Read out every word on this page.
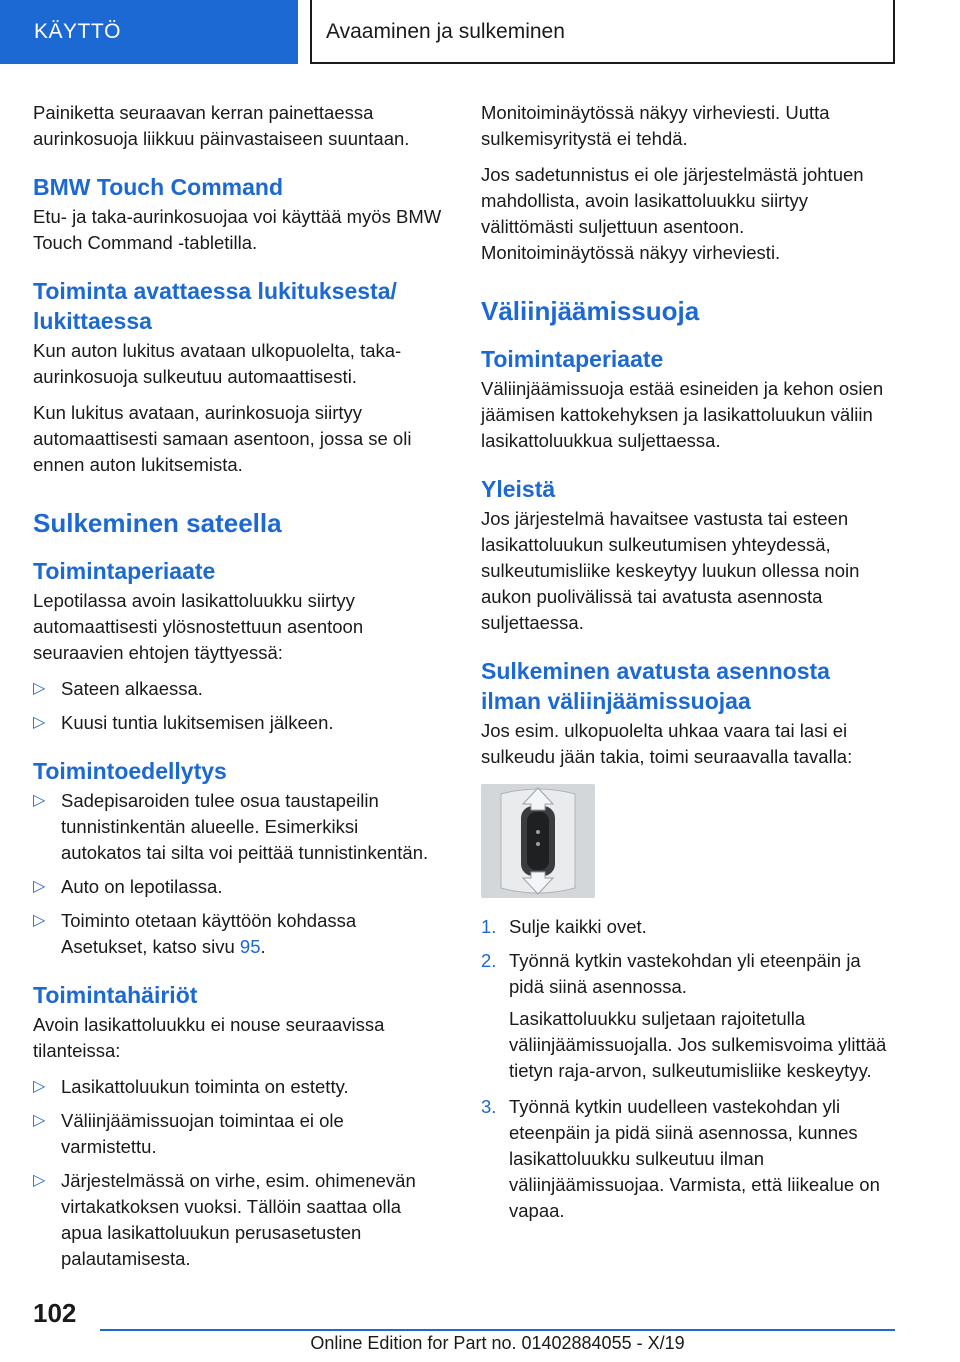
KÄYTTÖ	Avaaminen ja sulkeminen

Painiketta seuraavan kerran painettaessa aurinkosuoja liikkuu päinvastaiseen suuntaan.

BMW Touch Command

Etu- ja taka-aurinkosuojaa voi käyttää myös BMW Touch Command -tabletilla.

Toiminta avattaessa lukituksesta/ lukittaessa

Kun auton lukitus avataan ulkopuolelta, taka-aurinkosuoja sulkeutuu automaattisesti.

Kun lukitus avataan, aurinkosuoja siirtyy automaattisesti samaan asentoon, jossa se oli ennen auton lukitsemista.

Sulkeminen sateella
Toimintaperiaate

Lepotilassa avoin lasikattoluukku siirtyy automaattisesti ylösnostettuun asentoon seuraavien ehtojen täyttyessä:

▷ Sateen alkaessa.
▷ Kuusi tuntia lukitsemisen jälkeen.
Toimintoedellytys
▷ Sadepisaroiden tulee osua taustapeilin tunnistinkentän alueelle. Esimerkiksi autokatos tai silta voi peittää tunnistinkentän.
▷ Auto on lepotilassa.
▷ Toiminto otetaan käyttöön kohdassa Asetukset, katso sivu 95.
Toimintahäiriöt

Avoin lasikattoluukku ei nouse seuraavissa tilanteissa:

▷ Lasikattoluukun toiminta on estetty.
▷ Väliinjäämissuojan toimintaa ei ole varmistettu.
▷ Järjestelmässä on virhe, esim. ohimenevän virtakatkoksen vuoksi. Tällöin saattaa olla apua lasikattoluukun perusasetusten palautamisesta.

Monitoiminäytössä näkyy virheviesti. Uutta sulkemisyritystä ei tehdä.

Jos sadetunnistus ei ole järjestelmästä johtuen mahdollista, avoin lasikattoluukku siirtyy välittömästi suljettuun asentoon. Monitoiminäytössä näkyy virheviesti.

Väliinjäämissuoja
Toimintaperiaate

Väliinjäämissuoja estää esineiden ja kehon osien jäämisen kattokehyksen ja lasikattoluukun väliin lasikattoluukkua suljettaessa.

Yleistä

Jos järjestelmä havaitsee vastusta tai esteen lasikattoluukun sulkeutumisen yhteydessä, sulkeutumisliike keskeytyy luukun ollessa noin aukon puolivälissä tai avatusta asennosta suljettaessa.

Sulkeminen avatusta asennosta ilman väliinjäämissuojaa

Jos esim. ulkopuolelta uhkaa vaara tai lasi ei sulkeudu jään takia, toimi seuraavalla tavalla:

1. Sulje kaikki ovet.
2. Työnnä kytkin vastekohdan yli eteenpäin ja pidä siinä asennossa.

Lasikattoluukku suljetaan rajoitetulla väliinjäämissuojalla. Jos sulkemisvoima ylittää tietyn raja-arvon, sulkeutumisliike keskeytyy.

3. Työnnä kytkin uudelleen vastekohdan yli eteenpäin ja pidä siinä asennossa, kunnes lasikattoluukku sulkeutuu ilman väliinjäämissuojaa. Varmista, että liikealue on vapaa.
102
Online Edition for Part no. 01402884055 - X/19
